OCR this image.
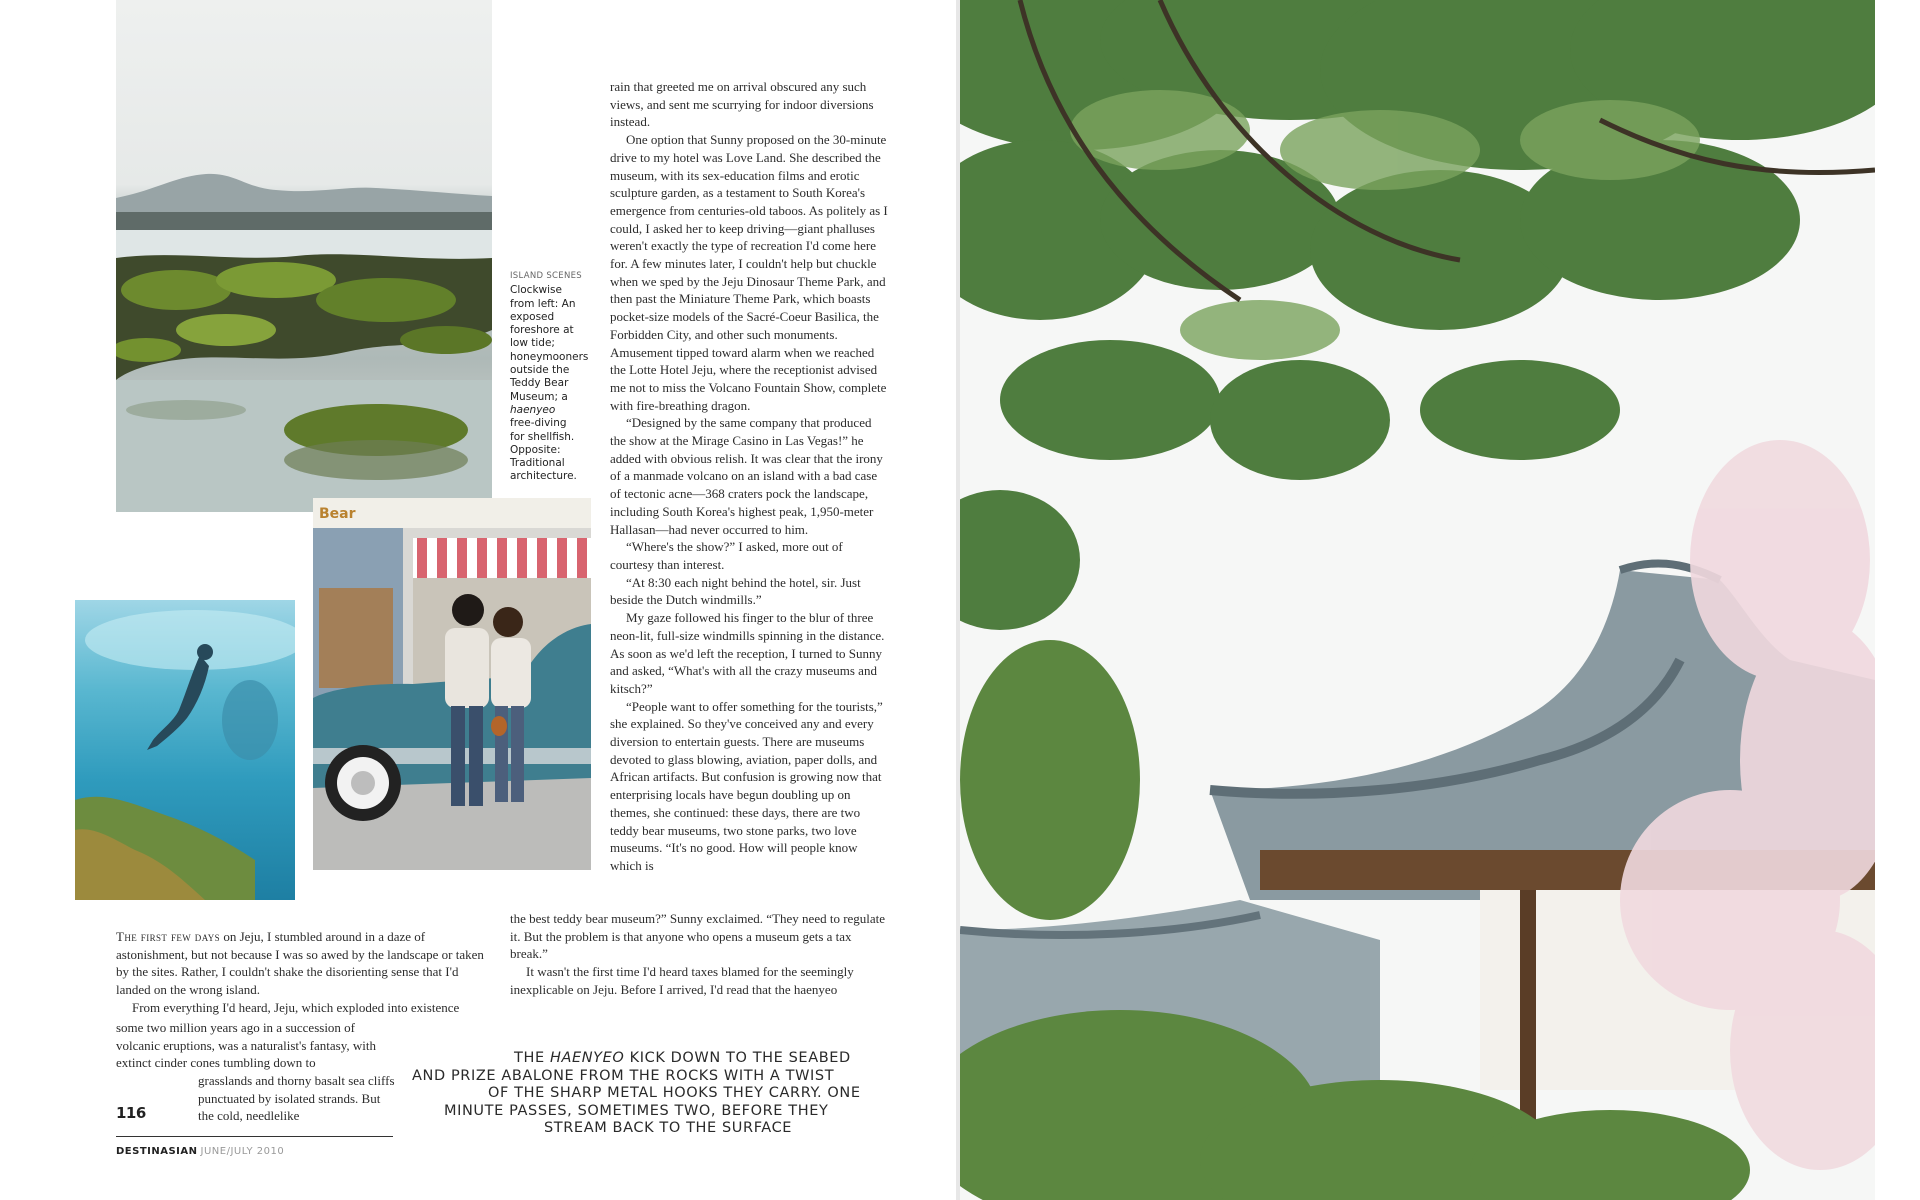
Bear
ISLAND SCENES
Clockwise
from left: An
exposed
foreshore at
low tide;
honeymooners
outside the
Teddy Bear
Museum; a
haenyeo
free-diving
for shellfish.
Opposite:
Traditional
architecture.

rain that greeted me on arrival obscured any such views, and sent me scurrying for indoor diversions instead.

One option that Sunny proposed on the 30-minute drive to my hotel was Love Land. She described the museum, with its sex-education films and erotic sculpture garden, as a testament to South Korea's emergence from centuries-old taboos. As politely as I could, I asked her to keep driving—giant phalluses weren't exactly the type of recreation I'd come here for. A few minutes later, I couldn't help but chuckle when we sped by the Jeju Dinosaur Theme Park, and then past the Miniature Theme Park, which boasts pocket-size models of the Sacré-Coeur Basilica, the Forbidden City, and other such monuments. Amusement tipped toward alarm when we reached the Lotte Hotel Jeju, where the receptionist advised me not to miss the Volcano Fountain Show, complete with fire-breathing dragon.

“Designed by the same company that produced the show at the Mirage Casino in Las Vegas!” he added with obvious relish. It was clear that the irony of a manmade volcano on an island with a bad case of tectonic acne—368 craters pock the landscape, including South Korea's highest peak, 1,950-meter Hallasan—had never occurred to him.

“Where's the show?” I asked, more out of courtesy than interest.

“At 8:30 each night behind the hotel, sir. Just beside the Dutch windmills.”

My gaze followed his finger to the blur of three neon-lit, full-size windmills spinning in the distance. As soon as we'd left the reception, I turned to Sunny and asked, “What's with all the crazy museums and kitsch?”

“People want to offer something for the tourists,” she explained. So they've conceived any and every diversion to entertain guests. There are museums devoted to glass blowing, aviation, paper dolls, and African artifacts. But confusion is growing now that enterprising locals have begun doubling up on themes, she continued: these days, there are two teddy bear museums, two stone parks, two love museums. “It's no good. How will people know which is

the best teddy bear museum?” Sunny exclaimed. “They need to regulate it. But the problem is that anyone who opens a museum gets a tax break.”

It wasn't the first time I'd heard taxes blamed for the seemingly inexplicable on Jeju. Before I arrived, I'd read that the haenyeo

The first few days on Jeju, I stumbled around in a daze of astonishment, but not because I was so awed by the landscape or taken by the sites. Rather, I couldn't shake the disorienting sense that I'd landed on the wrong island.

From everything I'd heard, Jeju, which exploded into existence

some two million years ago in a succession of volcanic eruptions, was a naturalist's fantasy, with extinct cinder cones tumbling down to

grasslands and thorny basalt sea cliffs punctuated by isolated strands. But the cold, needlelike

THE HAENYEO KICK DOWN TO THE SEABED
AND PRIZE ABALONE FROM THE ROCKS WITH A TWIST
OF THE SHARP METAL HOOKS THEY CARRY. ONE
MINUTE PASSES, SOMETIMES TWO, BEFORE THEY
STREAM BACK TO THE SURFACE
116
DESTINASIAN JUNE/JULY 2010
